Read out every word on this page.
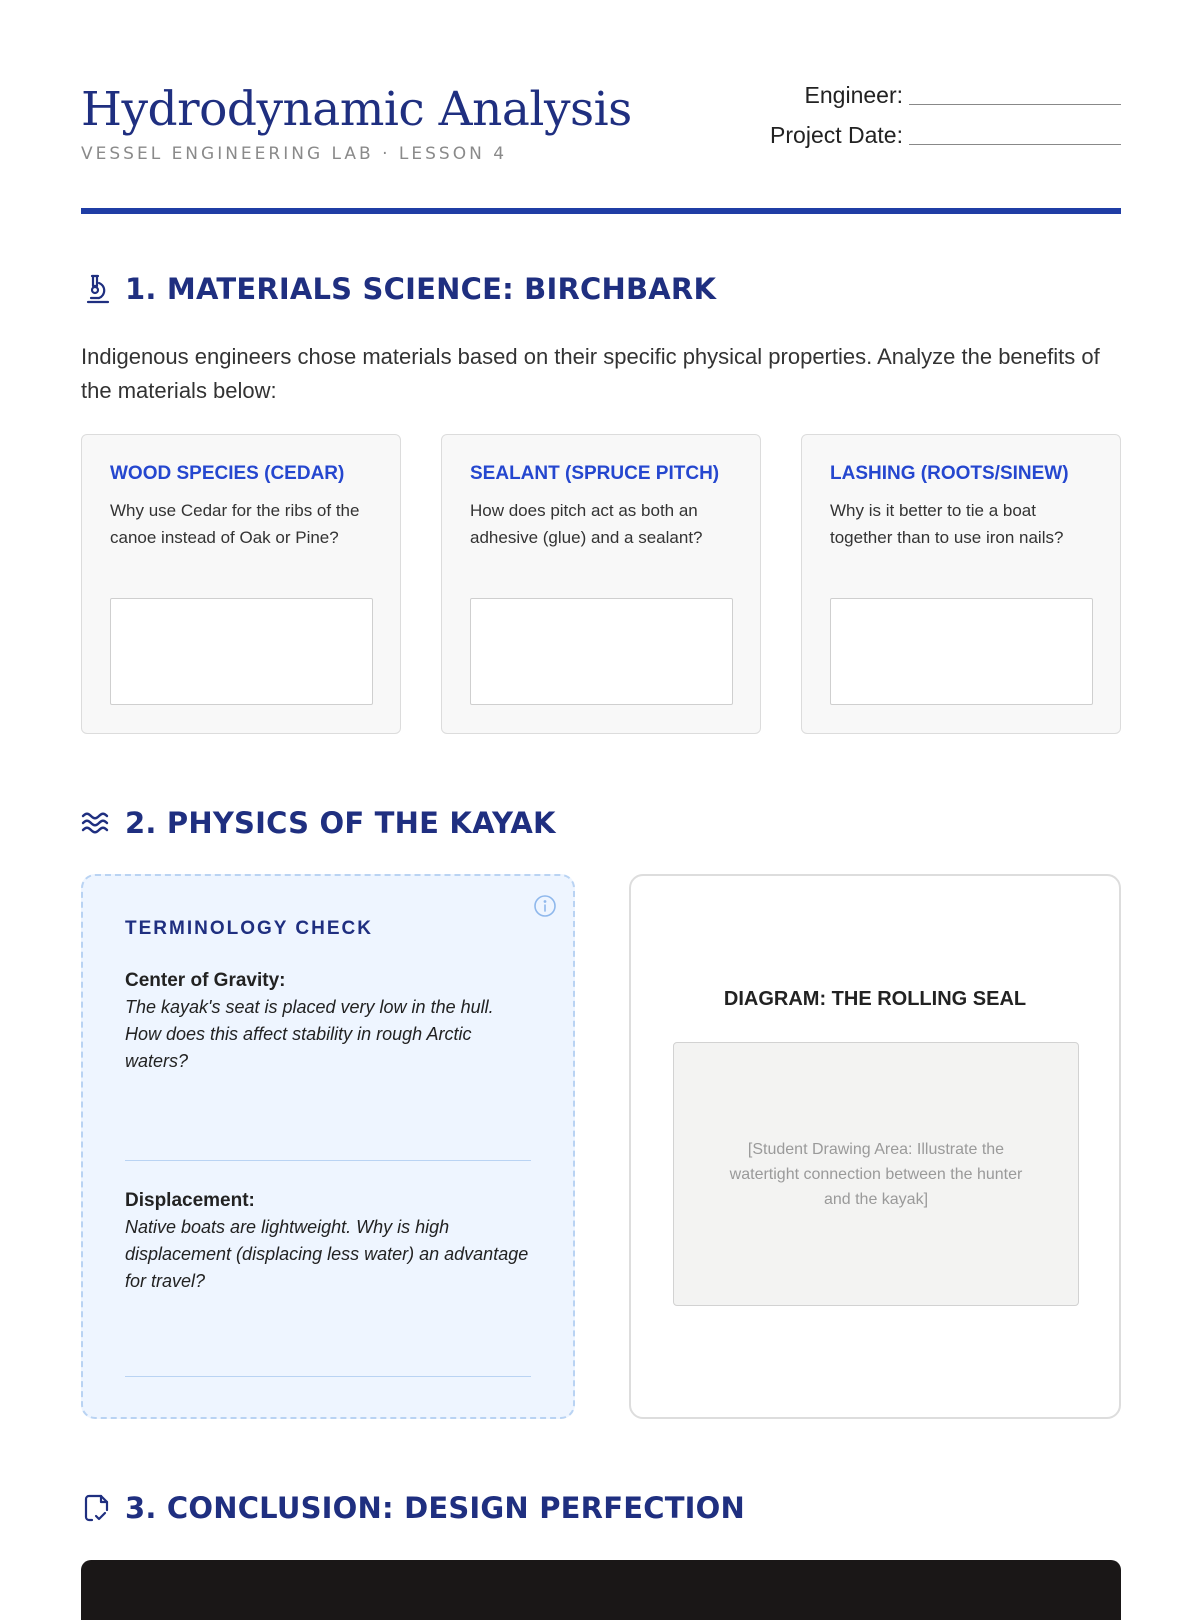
Hydrodynamic Analysis
VESSEL ENGINEERING LAB · LESSON 4
Engineer:
Project Date:
1. MATERIALS SCIENCE: BIRCHBARK

Indigenous engineers chose materials based on their specific physical properties. Analyze the benefits of the materials below:

WOOD SPECIES (CEDAR)

Why use Cedar for the ribs of the canoe instead of Oak or Pine?

SEALANT (SPRUCE PITCH)

How does pitch act as both an adhesive (glue) and a sealant?

LASHING (ROOTS/SINEW)

Why is it better to tie a boat together than to use iron nails?

2. PHYSICS OF THE KAYAK

TERMINOLOGY CHECK

Center of Gravity:

The kayak's seat is placed very low in the hull. How does this affect stability in rough Arctic waters?

Displacement:

Native boats are lightweight. Why is high displacement (displacing less water) an advantage for travel?

DIAGRAM: THE ROLLING SEAL
[Student Drawing Area: Illustrate the watertight connection between the hunter and the kayak]
3. CONCLUSION: DESIGN PERFECTION
